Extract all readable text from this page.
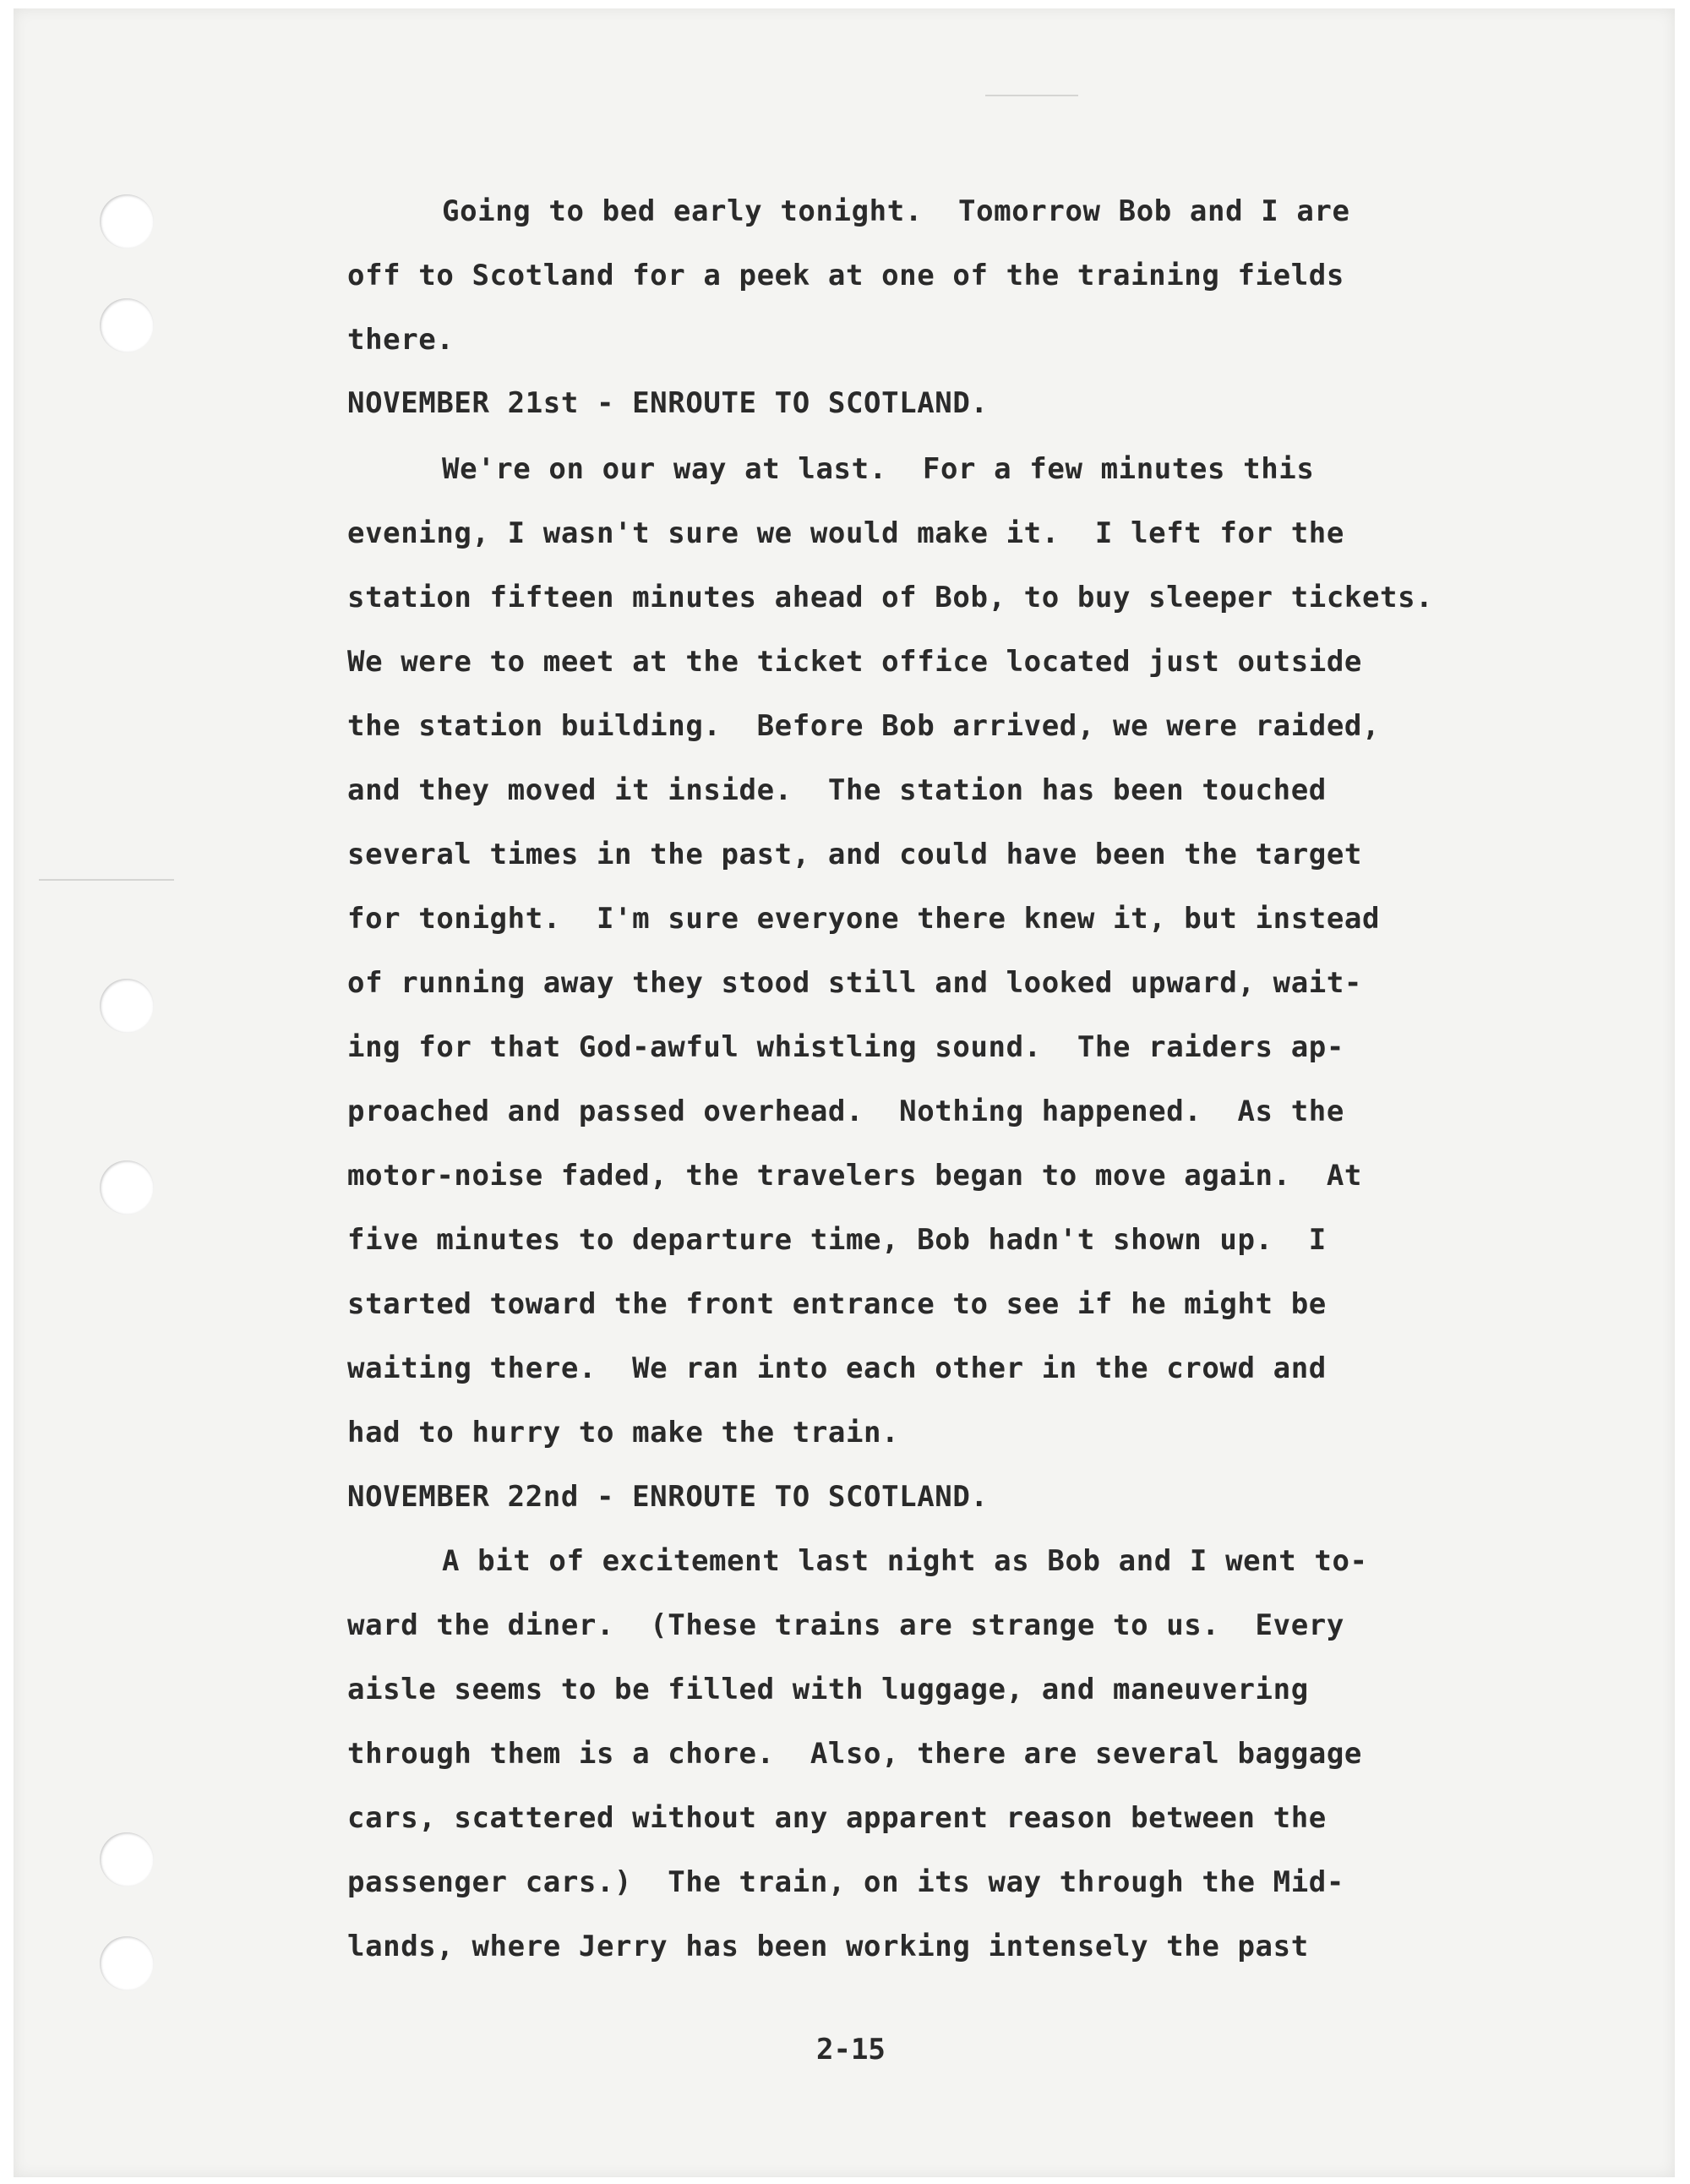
Going to bed early tonight.  Tomorrow Bob and I are
off to Scotland for a peek at one of the training fields
there.
NOVEMBER 21st - ENROUTE TO SCOTLAND.
We're on our way at last.  For a few minutes this
evening, I wasn't sure we would make it.  I left for the
station fifteen minutes ahead of Bob, to buy sleeper tickets.
We were to meet at the ticket office located just outside
the station building.  Before Bob arrived, we were raided,
and they moved it inside.  The station has been touched
several times in the past, and could have been the target
for tonight.  I'm sure everyone there knew it, but instead
of running away they stood still and looked upward, wait-
ing for that God-awful whistling sound.  The raiders ap-
proached and passed overhead.  Nothing happened.  As the
motor-noise faded, the travelers began to move again.  At
five minutes to departure time, Bob hadn't shown up.  I
started toward the front entrance to see if he might be
waiting there.  We ran into each other in the crowd and
had to hurry to make the train.
NOVEMBER 22nd - ENROUTE TO SCOTLAND.
A bit of excitement last night as Bob and I went to-
ward the diner.  (These trains are strange to us.  Every
aisle seems to be filled with luggage, and maneuvering
through them is a chore.  Also, there are several baggage
cars, scattered without any apparent reason between the
passenger cars.)  The train, on its way through the Mid-
lands, where Jerry has been working intensely the past
2-15
